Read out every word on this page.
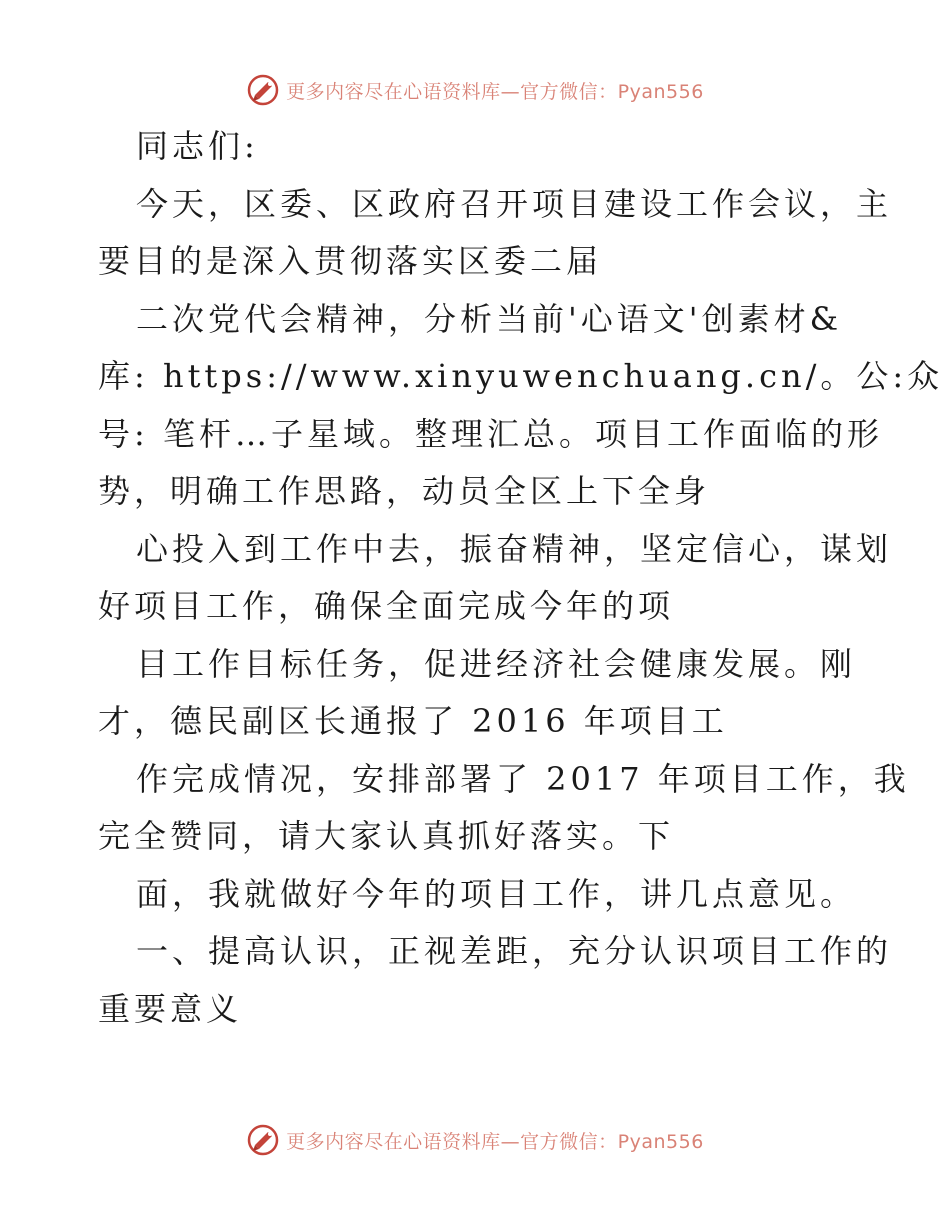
更多内容尽在心语资料库—官方微信：Pyan556
同志们:
今天，区委、区政府召开项目建设工作会议，主
要目的是深入贯彻落实区委二届
二次党代会精神，分析当前'心语文'创素材&
库: https://www.xinyuwenchuang.cn/。公:众
号: 笔杆…子星域。整理汇总。项目工作面临的形
势，明确工作思路，动员全区上下全身
心投入到工作中去，振奋精神，坚定信心，谋划
好项目工作，确保全面完成今年的项
目工作目标任务，促进经济社会健康发展。刚
才，德民副区长通报了 2016 年项目工
作完成情况，安排部署了 2017 年项目工作，我
完全赞同，请大家认真抓好落实。下
面，我就做好今年的项目工作，讲几点意见。
一、提高认识，正视差距，充分认识项目工作的
重要意义
更多内容尽在心语资料库—官方微信：Pyan556
